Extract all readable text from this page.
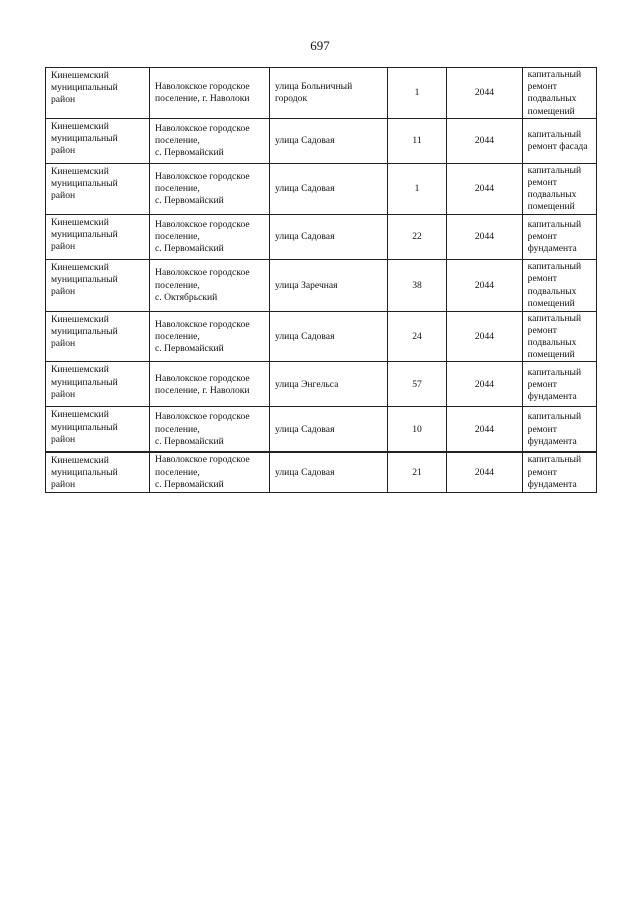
697
Кинешемский
муниципальный
район	Наволокское городское
поселение, г. Наволоки	улица Больничный
городок	1	2044	капитальный
ремонт
подвальных
помещений

Кинешемский
муниципальный
район	Наволокское городское
поселение,
с. Первомайский	улица Садовая	11	2044	капитальный
ремонт фасада

Кинешемский
муниципальный
район	Наволокское городское
поселение,
с. Первомайский	улица Садовая	1	2044	капитальный
ремонт
подвальных
помещений

Кинешемский
муниципальный
район	Наволокское городское
поселение,
с. Первомайский	улица Садовая	22	2044	капитальный
ремонт
фундамента

Кинешемский
муниципальный
район	Наволокское городское
поселение,
с. Октябрьский	улица Заречная	38	2044	капитальный
ремонт
подвальных
помещений

Кинешемский
муниципальный
район	Наволокское городское
поселение,
с. Первомайский	улица Садовая	24	2044	капитальный
ремонт
подвальных
помещений

Кинешемский
муниципальный
район	Наволокское городское
поселение, г. Наволоки	улица Энгельса	57	2044	капитальный
ремонт
фундамента

Кинешемский
муниципальный
район	Наволокское городское
поселение,
с. Первомайский	улица Садовая	10	2044	капитальный
ремонт
фундамента

Кинешемский
муниципальный
район	Наволокское городское
поселение,
с. Первомайский	улица Садовая	21	2044	капитальный
ремонт
фундамента
